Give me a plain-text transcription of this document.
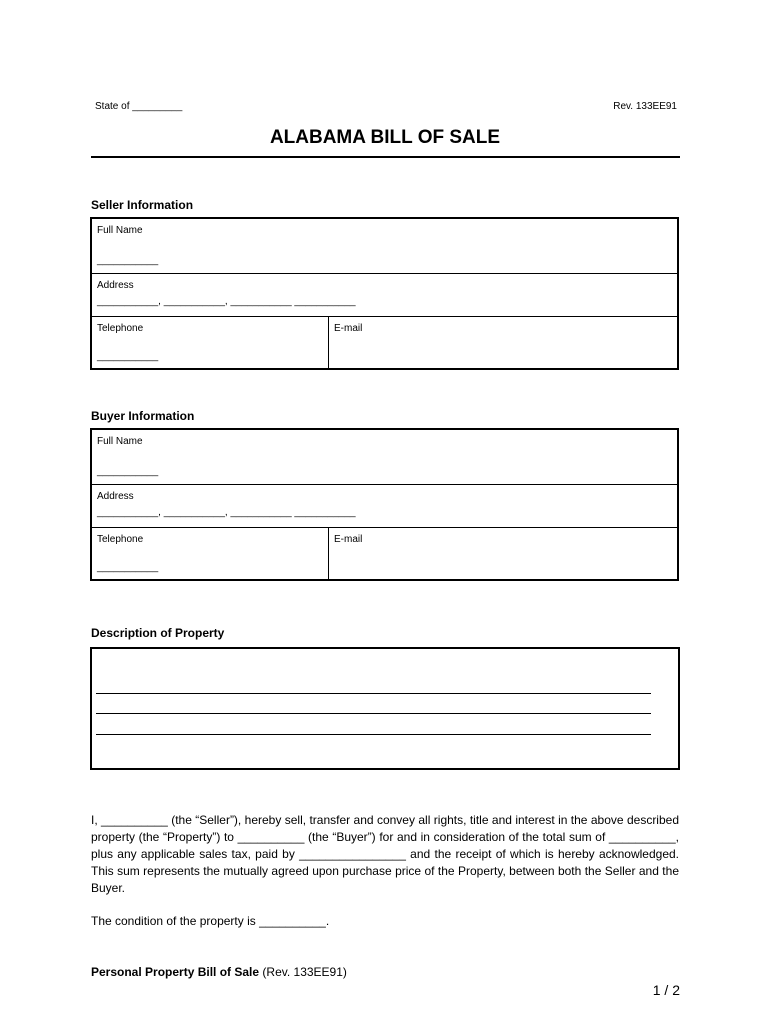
State of _________	Rev. 133EE91
ALABAMA BILL OF SALE
Seller Information
Full Name
___________
Address
___________, ___________, ___________ ___________
Telephone
___________
E-mail
Buyer Information
Full Name
___________
Address
___________, ___________, ___________ ___________
Telephone
___________
E-mail
Description of Property
I, __________ (the “Seller”), hereby sell, transfer and convey all rights, title and interest in the above described property (the “Property”) to __________ (the “Buyer”) for and in consideration of the total sum of __________, plus any applicable sales tax, paid by ________________ and the receipt of which is hereby acknowledged. This sum represents the mutually agreed upon purchase price of the Property, between both the Seller and the Buyer.
The condition of the property is __________.
Personal Property Bill of Sale (Rev. 133EE91)
1 / 2
